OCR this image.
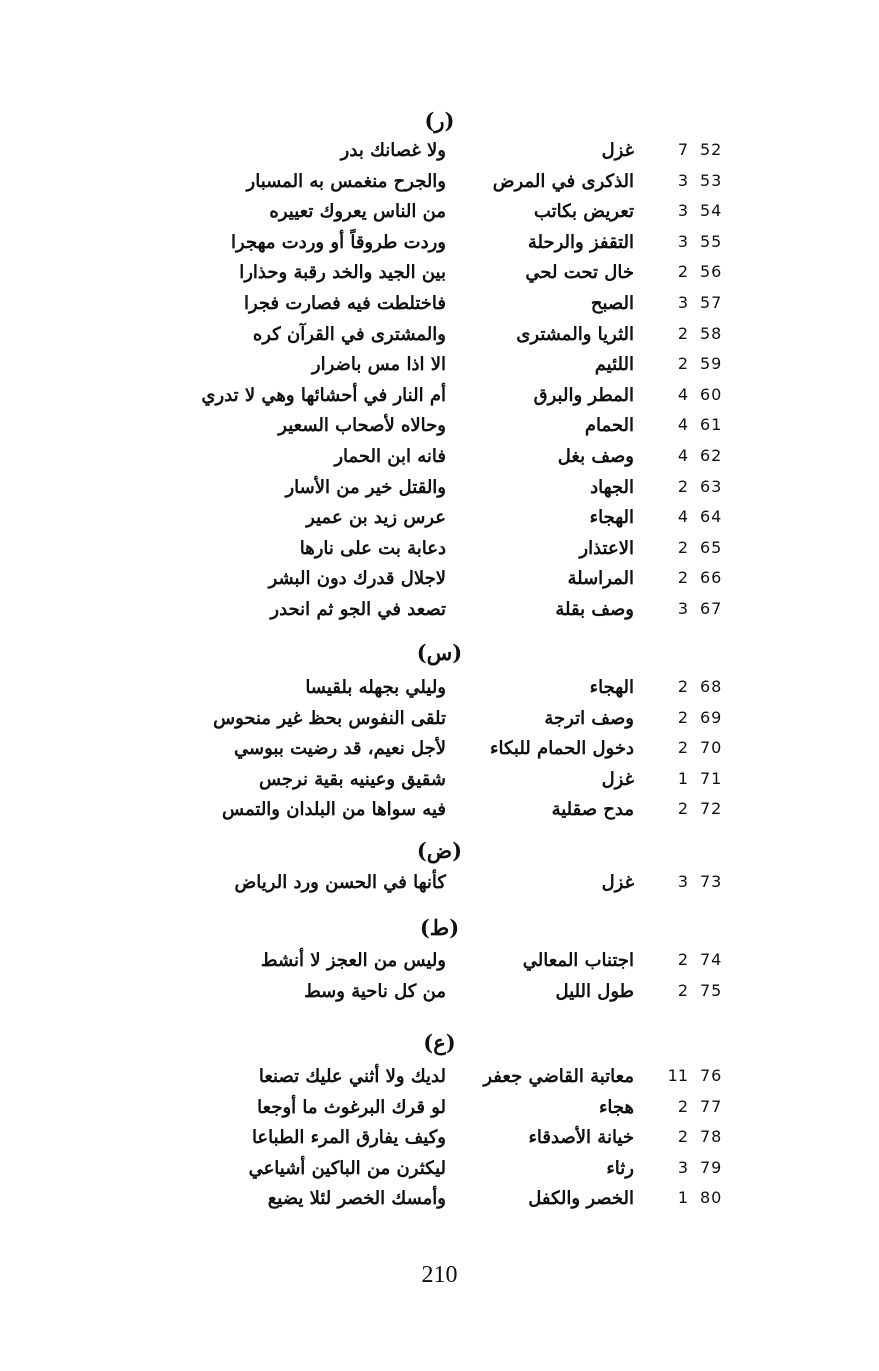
(ر)
52
7
غزل
ولا غصانك بدر
53
3
الذكرى في المرض
والجرح منغمس به المسبار
54
3
تعريض بكاتب
من الناس يعروك تعييره
55
3
التقفز والرحلة
وردت طروقاً أو وردت مهجرا
56
2
خال تحت لحي
بين الجيد والخد رقبة وحذارا
57
3
الصبح
فاختلطت فيه فصارت فجرا
58
2
الثريا والمشترى
والمشترى في القرآن كره
59
2
اللئيم
الا اذا مس باضرار
60
4
المطر والبرق
أم النار في أحشائها وهي لا تدري
61
4
الحمام
وحالاه لأصحاب السعير
62
4
وصف بغل
فانه ابن الحمار
63
2
الجهاد
والقتل خير من الأسار
64
4
الهجاء
عرس زيد بن عمير
65
2
الاعتذار
دعابة بت على نارها
66
2
المراسلة
لاجلال قدرك دون البشر
67
3
وصف بقلة
تصعد في الجو ثم انحدر
(س)
68
2
الهجاء
وليلي بجهله بلقيسا
69
2
وصف اترجة
تلقى النفوس بحظ غير منحوس
70
2
دخول الحمام للبكاء
لأجل نعيم، قد رضيت ببوسي
71
1
غزل
شقيق وعينيه بقية نرجس
72
2
مدح صقلية
فيه سواها من البلدان والتمس
(ض)
73
3
غزل
كأنها في الحسن ورد الرياض
(ط)
74
2
اجتناب المعالي
وليس من العجز لا أنشط
75
2
طول الليل
من كل ناحية وسط
(ع)
76
11
معاتبة القاضي جعفر
لديك ولا أثني عليك تصنعا
77
2
هجاء
لو قرك البرغوث ما أوجعا
78
2
خيانة الأصدقاء
وكيف يفارق المرء الطباعا
79
3
رثاء
ليكثرن من الباكين أشياعي
80
1
الخصر والكفل
وأمسك الخصر لئلا يضيع
210
